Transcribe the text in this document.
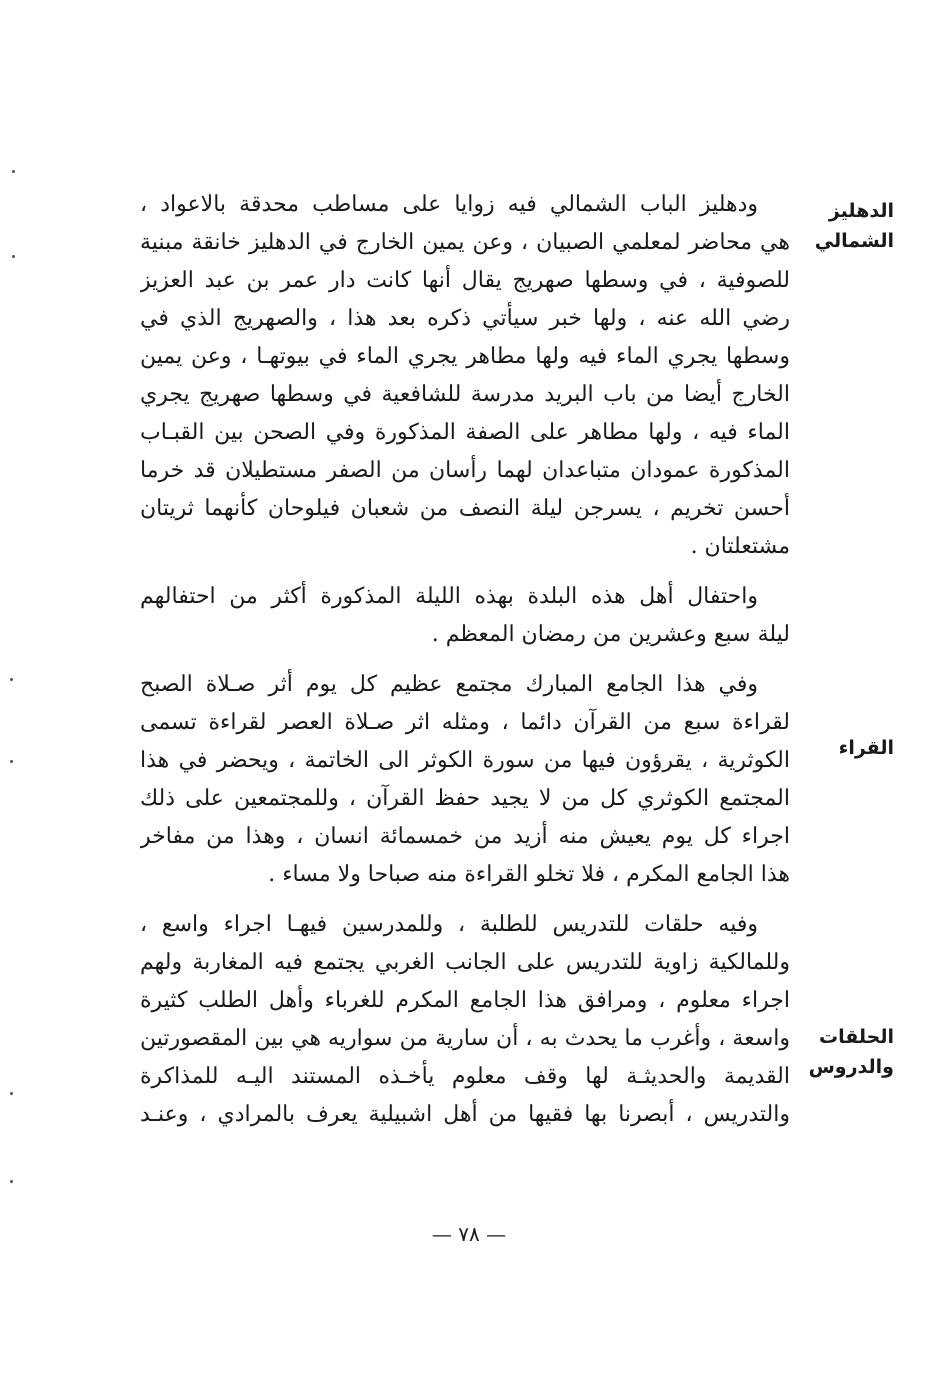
الدهليز
الشمالي
القراء
الحلقات
والدروس
ودهليز الباب الشمالي فيه زوايا على مساطب محدقة بالاعواد ،
هي محاضر لمعلمي الصبيان ، وعن يمين الخارج في الدهليز خانقة مبنية
للصوفية ، في وسطها صهريج يقال أنها كانت دار عمر بن عبد العزيز
رضي الله عنه ، ولها خبر سيأتي ذكره بعد هذا ، والصهريج الذي في
وسطها يجري الماء فيه ولها مطاهر يجري الماء في بيوتهـا ، وعن يمين
الخارج أيضا من باب البريد مدرسة للشافعية في وسطها صهريج يجري
الماء فيه ، ولها مطاهر على الصفة المذكورة وفي الصحن بين القبـاب
المذكورة عمودان متباعدان لهما رأسان من الصفر مستطيلان قد خرما
أحسن تخريم ، يسرجن ليلة النصف من شعبان فيلوحان كأنهما ثريتان
مشتعلتان .
واحتفال أهل هذه البلدة بهذه الليلة المذكورة أكثر من احتفالهم
ليلة سبع وعشرين من رمضان المعظم .
وفي هذا الجامع المبارك مجتمع عظيم كل يوم أثر صـلاة الصبح
لقراءة سبع من القرآن دائما ، ومثله اثر صـلاة العصر لقراءة تسمى
الكوثرية ، يقرؤون فيها من سورة الكوثر الى الخاتمة ، ويحضر في هذا
المجتمع الكوثري كل من لا يجيد حفظ القرآن ، وللمجتمعين على ذلك
اجراء كل يوم يعيش منه أزيد من خمسمائة انسان ، وهذا من مفاخر
هذا الجامع المكرم ، فلا تخلو القراءة منه صباحا ولا مساء .
وفيه حلقات للتدريس للطلبة ، وللمدرسين فيهـا اجراء واسع ،
وللمالكية زاوية للتدريس على الجانب الغربي يجتمع فيه المغاربة ولهم
اجراء معلوم ، ومرافق هذا الجامع المكرم للغرباء وأهل الطلب كثيرة
واسعة ، وأغرب ما يحدث به ، أن سارية من سواريه هي بين المقصورتين
القديمة والحديثـة لها وقف معلوم يأخـذه المستند اليـه للمذاكرة
والتدريس ، أبصرنا بها فقيها من أهل اشبيلية يعرف بالمرادي ، وعنـد
— ٧٨ —
